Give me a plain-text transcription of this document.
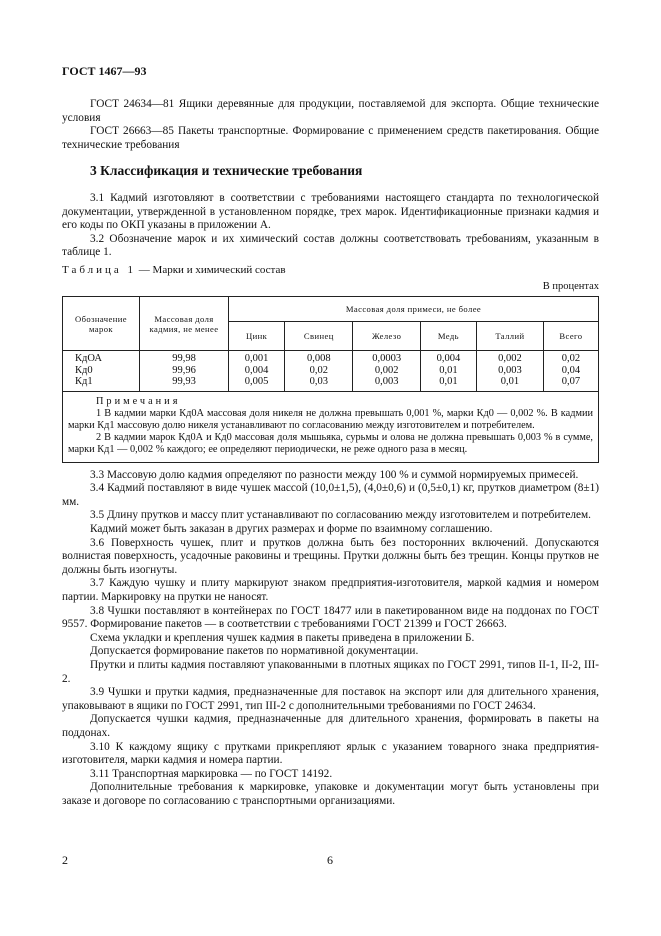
ГОСТ 1467—93

ГОСТ 24634—81 Ящики деревянные для продукции, поставляемой для экспорта. Общие технические условия

ГОСТ 26663—85 Пакеты транспортные. Формирование с применением средств пакетирования. Общие технические требования

3 Классификация и технические требования

3.1 Кадмий изготовляют в соответствии с требованиями настоящего стандарта по технологической документации, утвержденной в установленном порядке, трех марок. Идентификационные признаки кадмия и его коды по ОКП указаны в приложении А.

3.2 Обозначение марок и их химический состав должны соответствовать требованиям, указанным в таблице 1.

Таблица 1 — Марки и химический состав
В процентах
Обозначение марок	Массовая доля кадмия, не менее	Массовая доля примеси, не более					
		Цинк	Свинец	Железо	Медь	Таллий	Всего
КдОА	99,98	0,001	0,008	0,0003	0,004	0,002	0,02
Кд0	99,96	0,004	0,02	0,002	0,01	0,003	0,04
Кд1	99,93	0,005	0,03	0,003	0,01	0,01	0,07

Примечания

1 В кадмии марки Кд0А массовая доля никеля не должна превышать 0,001 %, марки Кд0 — 0,002 %. В кадмии марки Кд1 массовую долю никеля устанавливают по согласованию между изготовителем и потребителем.

2 В кадмии марок Кд0А и Кд0 массовая доля мышьяка, сурьмы и олова не должна превышать 0,003 % в сумме, марки Кд1 — 0,002 % каждого; ее определяют периодически, не реже одного раза в месяц.							

3.3 Массовую долю кадмия определяют по разности между 100 % и суммой нормируемых примесей.

3.4 Кадмий поставляют в виде чушек массой (10,0±1,5), (4,0±0,6) и (0,5±0,1) кг, прутков диаметром (8±1) мм.

3.5 Длину прутков и массу плит устанавливают по согласованию между изготовителем и потребителем.

Кадмий может быть заказан в других размерах и форме по взаимному соглашению.

3.6 Поверхность чушек, плит и прутков должна быть без посторонних включений. Допускаются волнистая поверхность, усадочные раковины и трещины. Прутки должны быть без трещин. Концы прутков не должны быть изогнуты.

3.7 Каждую чушку и плиту маркируют знаком предприятия-изготовителя, маркой кадмия и номером партии. Маркировку на прутки не наносят.

3.8 Чушки поставляют в контейнерах по ГОСТ 18477 или в пакетированном виде на поддонах по ГОСТ 9557. Формирование пакетов — в соответствии с требованиями ГОСТ 21399 и ГОСТ 26663.

Схема укладки и крепления чушек кадмия в пакеты приведена в приложении Б.

Допускается формирование пакетов по нормативной документации.

Прутки и плиты кадмия поставляют упакованными в плотных ящиках по ГОСТ 2991, типов II-1, II-2, III-2.

3.9 Чушки и прутки кадмия, предназначенные для поставок на экспорт или для длительного хранения, упаковывают в ящики по ГОСТ 2991, тип III-2 с дополнительными требованиями по ГОСТ 24634.

Допускается чушки кадмия, предназначенные для длительного хранения, формировать в пакеты на поддонах.

3.10 К каждому ящику с прутками прикрепляют ярлык с указанием товарного знака предприятия-изготовителя, марки кадмия и номера партии.

3.11 Транспортная маркировка — по ГОСТ 14192.

Дополнительные требования к маркировке, упаковке и документации могут быть установлены при заказе и договоре по согласованию с транспортными организациями.

2	6
